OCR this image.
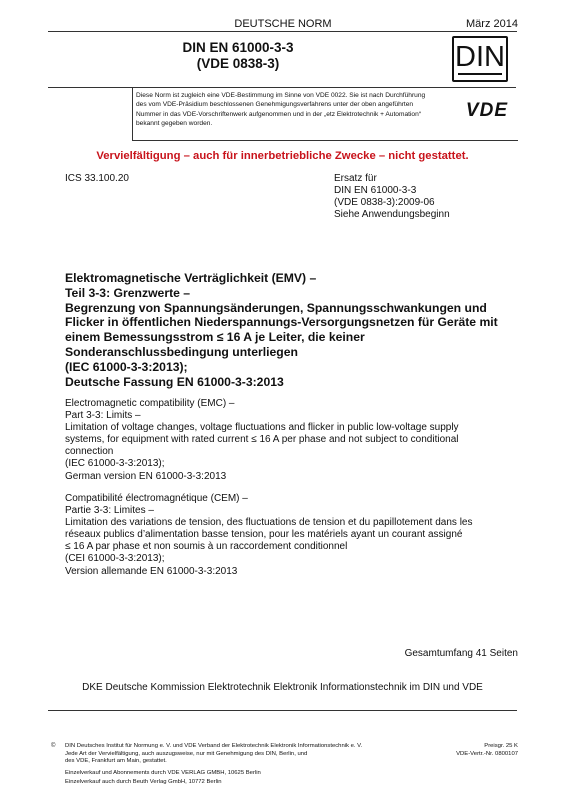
DEUTSCHE NORM	März 2014
DIN EN 61000-3-3
(VDE 0838-3)	DIN
Diese Norm ist zugleich eine VDE-Bestimmung im Sinne von VDE 0022. Sie ist nach Durchführung des vom VDE-Präsidium beschlossenen Genehmigungsverfahrens unter der oben angeführten Nummer in das VDE-Vorschriftenwerk aufgenommen und in der „etz Elektrotechnik + Automation“ bekannt gegeben worden.
VDE
Vervielfältigung – auch für innerbetriebliche Zwecke – nicht gestattet.
ICS 33.100.20	Ersatz für
DIN EN 61000-3-3
(VDE 0838-3):2009-06
Siehe Anwendungsbeginn
Elektromagnetische Verträglichkeit (EMV) –
Teil 3-3: Grenzwerte –
Begrenzung von Spannungsänderungen, Spannungsschwankungen und
Flicker in öffentlichen Niederspannungs-Versorgungsnetzen für Geräte mit
einem Bemessungsstrom ≤ 16 A je Leiter, die keiner
Sonderanschlussbedingung unterliegen
(IEC 61000-3-3:2013);
Deutsche Fassung EN 61000-3-3:2013
Electromagnetic compatibility (EMC) –
Part 3-3: Limits –
Limitation of voltage changes, voltage fluctuations and flicker in public low-voltage supply
systems, for equipment with rated current ≤ 16 A per phase and not subject to conditional
connection
(IEC 61000-3-3:2013);
German version EN 61000-3-3:2013
Compatibilité électromagnétique (CEM) –
Partie 3-3: Limites –
Limitation des variations de tension, des fluctuations de tension et du papillotement dans les
réseaux publics d’alimentation basse tension, pour les matériels ayant un courant assigné
≤ 16 A par phase et non soumis à un raccordement conditionnel
(CEI 61000-3-3:2013);
Version allemande EN 61000-3-3:2013
Gesamtumfang 41 Seiten
DKE Deutsche Kommission Elektrotechnik Elektronik Informationstechnik im DIN und VDE
© DIN Deutsches Institut für Normung e. V. und VDE Verband der Elektrotechnik Elektronik Informationstechnik e. V.
Jede Art der Vervielfältigung, auch auszugsweise, nur mit Genehmigung des DIN, Berlin, und
des VDE, Frankfurt am Main, gestattet.
Preisgr. 25 K
VDE-Vertr.-Nr. 0800107
Einzelverkauf und Abonnements durch VDE VERLAG GMBH, 10625 Berlin
Einzelverkauf auch durch Beuth Verlag GmbH, 10772 Berlin
